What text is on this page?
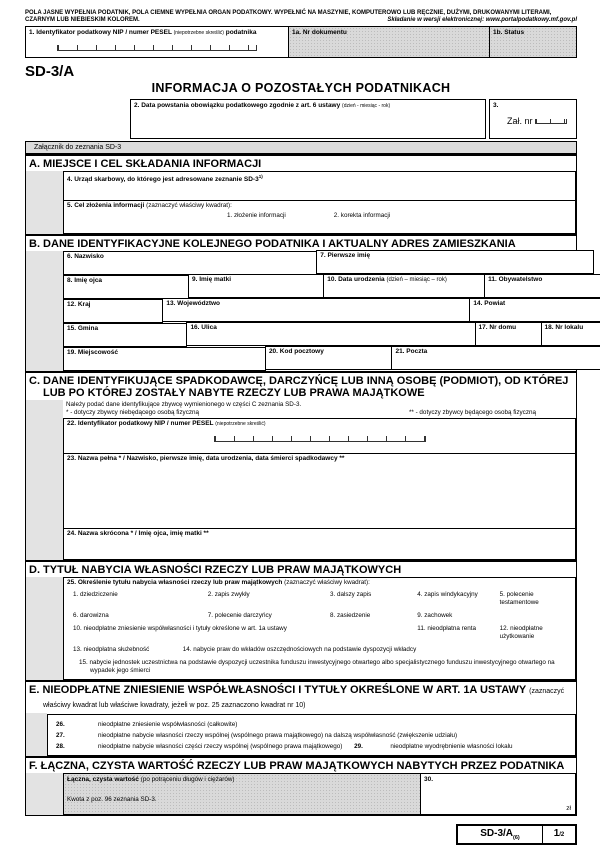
POLA JASNE WYPEŁNIA PODATNIK, POLA CIEMNE WYPEŁNIA ORGAN PODATKOWY. WYPEŁNIĆ NA MASZYNIE, KOMPUTEROWO LUB RĘCZNIE, DUŻYMI, DRUKOWANYMI LITERAMI, CZARNYM LUB NIEBIESKIM KOLOREM.	Składanie w wersji elektronicznej: www.portalpodatkowy.mf.gov.pl
1. Identyfikator podatkowy NIP / numer PESEL (niepotrzebne skreślić) podatnika	1a. Nr dokumentu	1b. Status
SD-3/A
INFORMACJA O POZOSTAŁYCH PODATNIKACH
2. Data powstania obowiązku podatkowego zgodnie z art. 6 ustawy (dzień - miesiąc - rok)	3.
Zał. nr
Załącznik do zeznania SD-3
A. MIEJSCE I CEL SKŁADANIA INFORMACJI
4. Urząd skarbowy, do którego jest adresowane zeznanie SD-3$^{1)}$
5. Cel złożenia informacji (zaznaczyć właściwy kwadrat):
1. złożenie informacji	2. korekta informacji
B. DANE IDENTYFIKACYJNE KOLEJNEGO PODATNIKA I AKTUALNY ADRES ZAMIESZKANIA
6. Nazwisko	7. Pierwsze imię
8. Imię ojca	9. Imię matki	10. Data urodzenia (dzień – miesiąc – rok)	11. Obywatelstwo
12. Kraj	13. Województwo	14. Powiat
15. Gmina	16. Ulica	17. Nr domu	18. Nr lokalu
19. Miejscowość	20. Kod pocztowy	21. Poczta
C. DANE IDENTYFIKUJĄCE SPADKODAWCĘ, DARCZYŃCĘ LUB INNĄ OSOBĘ (PODMIOT), OD KTÓREJ LUB PO KTÓREJ ZOSTAŁY NABYTE RZECZY LUB PRAWA MAJĄTKOWE
Należy podać dane identyfikujące zbywcę wymienionego w części C zeznania SD-3.
* - dotyczy zbywcy niebędącego osobą fizyczną	** - dotyczy zbywcy będącego osobą fizyczną
22. Identyfikator podatkowy NIP / numer PESEL (niepotrzebne skreślić)
23. Nazwa pełna * / Nazwisko, pierwsze imię, data urodzenia, data śmierci spadkodawcy **
24. Nazwa skrócona * / Imię ojca, imię matki **
D. TYTUŁ NABYCIA WŁASNOŚCI RZECZY LUB PRAW MAJĄTKOWYCH
25. Określenie tytułu nabycia własności rzeczy lub praw majątkowych (zaznaczyć właściwy kwadrat):
1. dziedziczenie	2. zapis zwykły	3. dalszy zapis	4. zapis windykacyjny	5. polecenie testamentowe
6. darowizna	7. polecenie darczyńcy	8. zasiedzenie	9. zachowek
10. nieodpłatne zniesienie współwłasności i tytuły określone w art. 1a ustawy	11. nieodpłatna renta	12. nieodpłatne użytkowanie
13. nieodpłatna służebność	14. nabycie praw do wkładów oszczędnościowych na podstawie dyspozycji wkładcy
15. nabycie jednostek uczestnictwa na podstawie dyspozycji uczestnika funduszu inwestycyjnego otwartego albo specjalistycznego funduszu inwestycyjnego otwartego na wypadek jego śmierci
E. NIEODPŁATNE ZNIESIENIE WSPÓŁWŁASNOŚCI I TYTUŁY OKREŚLONE W ART. 1A USTAWY (zaznaczyć właściwy kwadrat lub właściwe kwadraty, jeżeli w poz. 25 zaznaczono kwadrat nr 10)
26.	nieodpłatne zniesienie współwłasności (całkowite)
27.	nieodpłatne nabycie własności rzeczy wspólnej (wspólnego prawa majątkowego) na dalszą współwłasność (zwiększenie udziału)
28.	nieodpłatne nabycie własności części rzeczy wspólnej (wspólnego prawa majątkowego) 29.	nieodpłatne wyodrębnienie własności lokalu
F. ŁĄCZNA, CZYSTA WARTOŚĆ RZECZY LUB PRAW MAJĄTKOWYCH NABYTYCH PRZEZ PODATNIKA
Łączna, czysta wartość (po potrąceniu długów i ciężarów)
Kwota z poz. 96 zeznania SD-3.
30.
zł
$SD-3/A_{(6)}$	1/2
